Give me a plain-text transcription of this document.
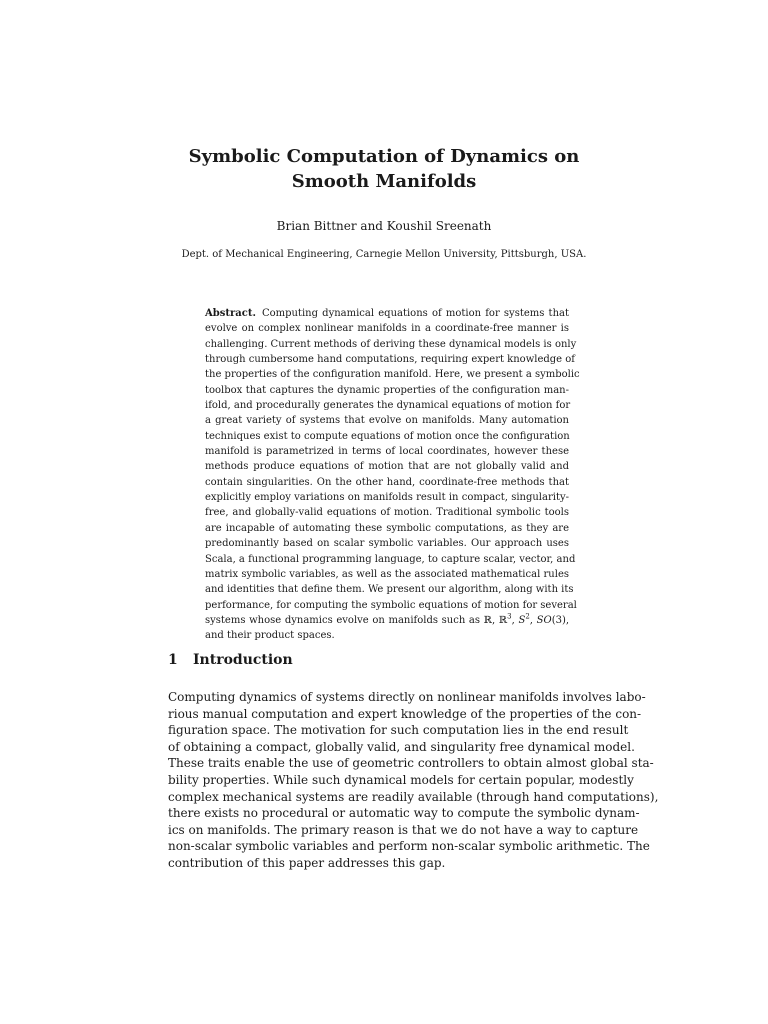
Symbolic Computation of Dynamics on
Smooth Manifolds
Brian Bittner and Koushil Sreenath
Dept. of Mechanical Engineering, Carnegie Mellon University, Pittsburgh, USA.
Abstract. Computing dynamical equations of motion for systems that
evolve on complex nonlinear manifolds in a coordinate-free manner is
challenging. Current methods of deriving these dynamical models is only
through cumbersome hand computations, requiring expert knowledge of
the properties of the configuration manifold. Here, we present a symbolic
toolbox that captures the dynamic properties of the configuration man-
ifold, and procedurally generates the dynamical equations of motion for
a great variety of systems that evolve on manifolds. Many automation
techniques exist to compute equations of motion once the configuration
manifold is parametrized in terms of local coordinates, however these
methods produce equations of motion that are not globally valid and
contain singularities. On the other hand, coordinate-free methods that
explicitly employ variations on manifolds result in compact, singularity-
free, and globally-valid equations of motion. Traditional symbolic tools
are incapable of automating these symbolic computations, as they are
predominantly based on scalar symbolic variables. Our approach uses
Scala, a functional programming language, to capture scalar, vector, and
matrix symbolic variables, as well as the associated mathematical rules
and identities that define them. We present our algorithm, along with its
performance, for computing the symbolic equations of motion for several
systems whose dynamics evolve on manifolds such as ℝ, ℝ$^3$, $S^2$, SO(3),
and their product spaces.
1 Introduction
Computing dynamics of systems directly on nonlinear manifolds involves labo-
rious manual computation and expert knowledge of the properties of the con-
figuration space. The motivation for such computation lies in the end result
of obtaining a compact, globally valid, and singularity free dynamical model.
These traits enable the use of geometric controllers to obtain almost global sta-
bility properties. While such dynamical models for certain popular, modestly
complex mechanical systems are readily available (through hand computations),
there exists no procedural or automatic way to compute the symbolic dynam-
ics on manifolds. The primary reason is that we do not have a way to capture
non-scalar symbolic variables and perform non-scalar symbolic arithmetic. The
contribution of this paper addresses this gap.
